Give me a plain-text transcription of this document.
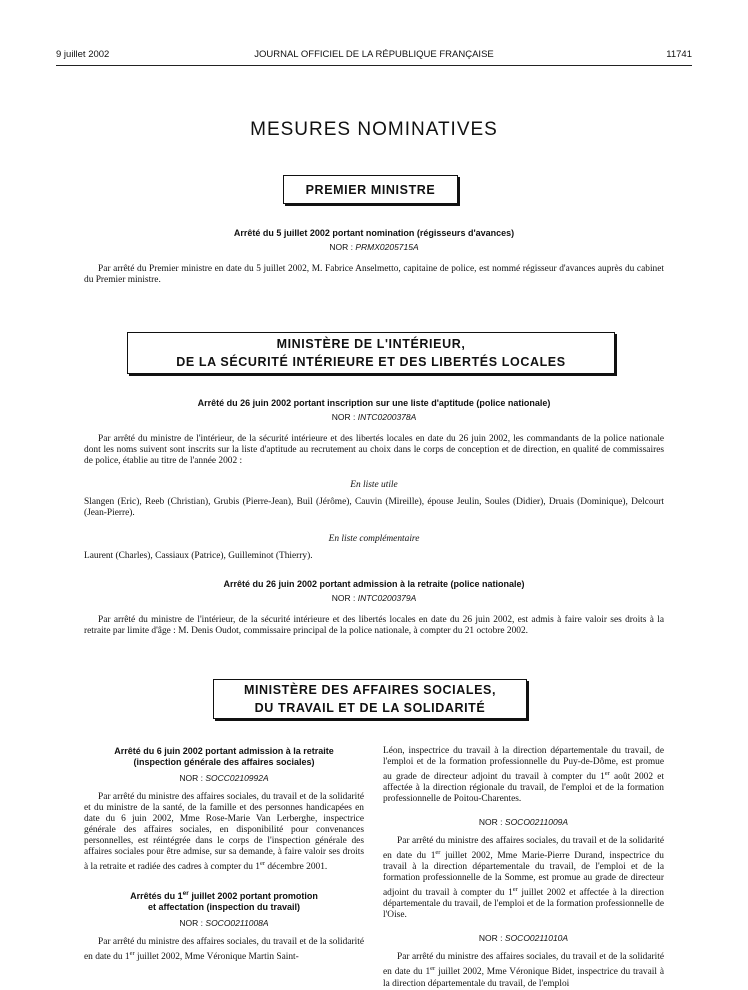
9 juillet 2002	JOURNAL OFFICIEL DE LA RÉPUBLIQUE FRANÇAISE	11741
MESURES NOMINATIVES
PREMIER MINISTRE
Arrêté du 5 juillet 2002 portant nomination (régisseurs d'avances)
NOR : PRMX0205715A

Par arrêté du Premier ministre en date du 5 juillet 2002, M. Fabrice Anselmetto, capitaine de police, est nommé régisseur d'avances auprès du cabinet du Premier ministre.

MINISTÈRE DE L'INTÉRIEUR,
DE LA SÉCURITÉ INTÉRIEURE ET DES LIBERTÉS LOCALES
Arrêté du 26 juin 2002 portant inscription sur une liste d'aptitude (police nationale)
NOR : INTC0200378A

Par arrêté du ministre de l'intérieur, de la sécurité intérieure et des libertés locales en date du 26 juin 2002, les commandants de la police nationale dont les noms suivent sont inscrits sur la liste d'aptitude au recrutement au choix dans le corps de conception et de direction, en qualité de commissaires de police, établie au titre de l'année 2002 :

En liste utile

Slangen (Eric), Reeb (Christian), Grubis (Pierre-Jean), Buil (Jérôme), Cauvin (Mireille), épouse Jeulin, Soules (Didier), Druais (Dominique), Delcourt (Jean-Pierre).

En liste complémentaire

Laurent (Charles), Cassiaux (Patrice), Guilleminot (Thierry).

Arrêté du 26 juin 2002 portant admission à la retraite (police nationale)
NOR : INTC0200379A

Par arrêté du ministre de l'intérieur, de la sécurité intérieure et des libertés locales en date du 26 juin 2002, est admis à faire valoir ses droits à la retraite par limite d'âge : M. Denis Oudot, commissaire principal de la police nationale, à compter du 21 octobre 2002.

MINISTÈRE DES AFFAIRES SOCIALES,
DU TRAVAIL ET DE LA SOLIDARITÉ
Arrêté du 6 juin 2002 portant admission à la retraite
(inspection générale des affaires sociales)
NOR : SOCC0210992A

Par arrêté du ministre des affaires sociales, du travail et de la solidarité et du ministre de la santé, de la famille et des personnes handicapées en date du 6 juin 2002, Mme Rose-Marie Van Lerberghe, inspectrice générale des affaires sociales, en disponibilité pour convenances personnelles, est réintégrée dans le corps de l'inspection générale des affaires sociales pour être admise, sur sa demande, à faire valoir ses droits à la retraite et radiée des cadres à compter du 1er décembre 2001.

Arrêtés du 1er juillet 2002 portant promotion
et affectation (inspection du travail)
NOR : SOCO0211008A

Par arrêté du ministre des affaires sociales, du travail et de la solidarité en date du 1er juillet 2002, Mme Véronique Martin Saint-

Léon, inspectrice du travail à la direction départementale du travail, de l'emploi et de la formation professionnelle du Puy-de-Dôme, est promue au grade de directeur adjoint du travail à compter du 1er août 2002 et affectée à la direction régionale du travail, de l'emploi et de la formation professionnelle de Poitou-Charentes.

NOR : SOCO0211009A

Par arrêté du ministre des affaires sociales, du travail et de la solidarité en date du 1er juillet 2002, Mme Marie-Pierre Durand, inspectrice du travail à la direction départementale du travail, de l'emploi et de la formation professionnelle de la Somme, est promue au grade de directeur adjoint du travail à compter du 1er juillet 2002 et affectée à la direction départementale du travail, de l'emploi et de la formation professionnelle de l'Oise.

NOR : SOCO0211010A

Par arrêté du ministre des affaires sociales, du travail et de la solidarité en date du 1er juillet 2002, Mme Véronique Bidet, inspectrice du travail à la direction départementale du travail, de l'emploi
